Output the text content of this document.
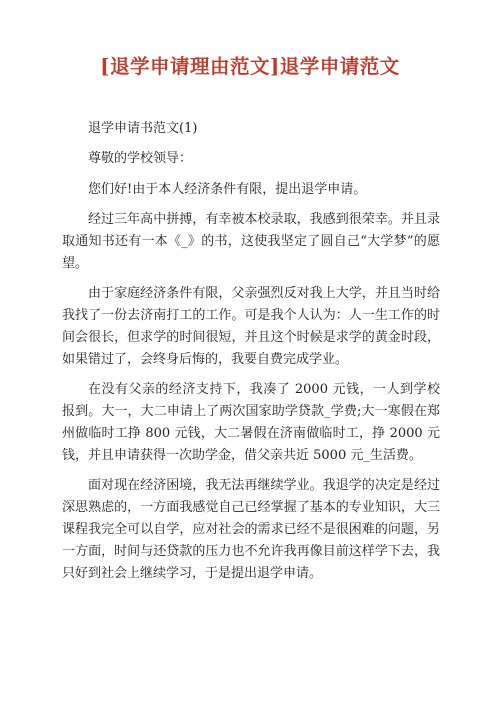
[退学申请理由范文]退学申请范文

退学申请书范文(1)

尊敬的学校领导：

您们好!由于本人经济条件有限，提出退学申请。

经过三年高中拼搏，有幸被本校录取，我感到很荣幸。并且录取通知书还有一本《_》的书，这使我坚定了圆自己“大学梦”的愿望。

由于家庭经济条件有限，父亲强烈反对我上大学，并且当时给我找了一份去济南打工的工作。可是我个人认为：人一生工作的时间会很长，但求学的时间很短，并且这个时候是求学的黄金时段，如果错过了，会终身后悔的，我要自费完成学业。

在没有父亲的经济支持下，我凑了 2000 元钱，一人到学校报到。大一，大二申请上了两次国家助学贷款_学费;大一寒假在郑州做临时工挣 800 元钱，大二暑假在济南做临时工，挣 2000 元钱，并且申请获得一次助学金，借父亲共近 5000 元_生活费。

面对现在经济困境，我无法再继续学业。我退学的决定是经过深思熟虑的，一方面我感觉自己已经掌握了基本的专业知识，大三课程我完全可以自学，应对社会的需求已经不是很困难的问题，另一方面，时间与还贷款的压力也不允许我再像目前这样学下去，我只好到社会上继续学习，于是提出退学申请。
